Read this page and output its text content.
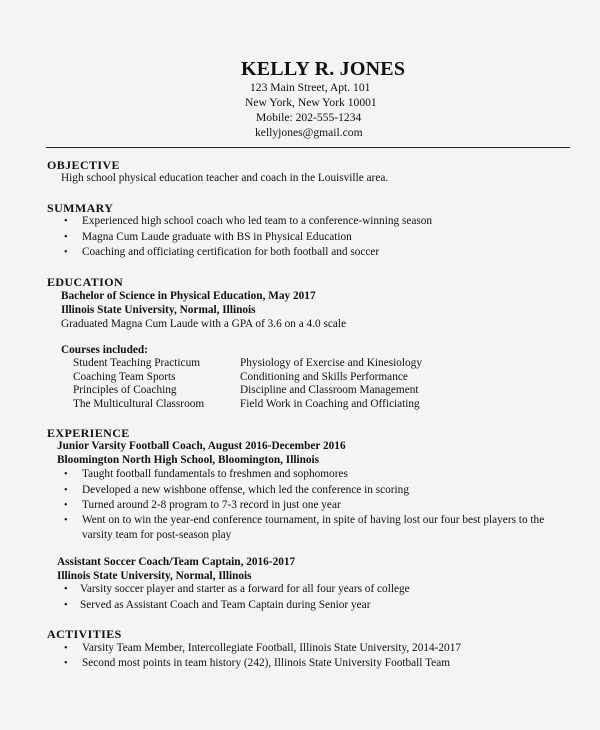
KELLY R. JONES
123 Main Street, Apt. 101
New York, New York 10001
Mobile: 202-555-1234
kellyjones@gmail.com
OBJECTIVE
High school physical education teacher and coach in the Louisville area.
SUMMARY
• Experienced high school coach who led team to a conference-winning season
• Magna Cum Laude graduate with BS in Physical Education
• Coaching and officiating certification for both football and soccer
EDUCATION
Bachelor of Science in Physical Education, May 2017
Illinois State University, Normal, Illinois
Graduated Magna Cum Laude with a GPA of 3.6 on a 4.0 scale
Courses included:
Student Teaching Practicum
Coaching Team Sports
Principles of Coaching
The Multicultural Classroom
Physiology of Exercise and Kinesiology
Conditioning and Skills Performance
Discipline and Classroom Management
Field Work in Coaching and Officiating
EXPERIENCE
Junior Varsity Football Coach, August 2016-December 2016
Bloomington North High School, Bloomington, Illinois
• Taught football fundamentals to freshmen and sophomores
• Developed a new wishbone offense, which led the conference in scoring
• Turned around 2-8 program to 7-3 record in just one year
• Went on to win the year-end conference tournament, in spite of having lost our four best players to the
varsity team for post-season play
Assistant Soccer Coach/Team Captain, 2016-2017
Illinois State University, Normal, Illinois
• Varsity soccer player and starter as a forward for all four years of college
• Served as Assistant Coach and Team Captain during Senior year
ACTIVITIES
• Varsity Team Member, Intercollegiate Football, Illinois State University, 2014-2017
• Second most points in team history (242), Illinois State University Football Team
